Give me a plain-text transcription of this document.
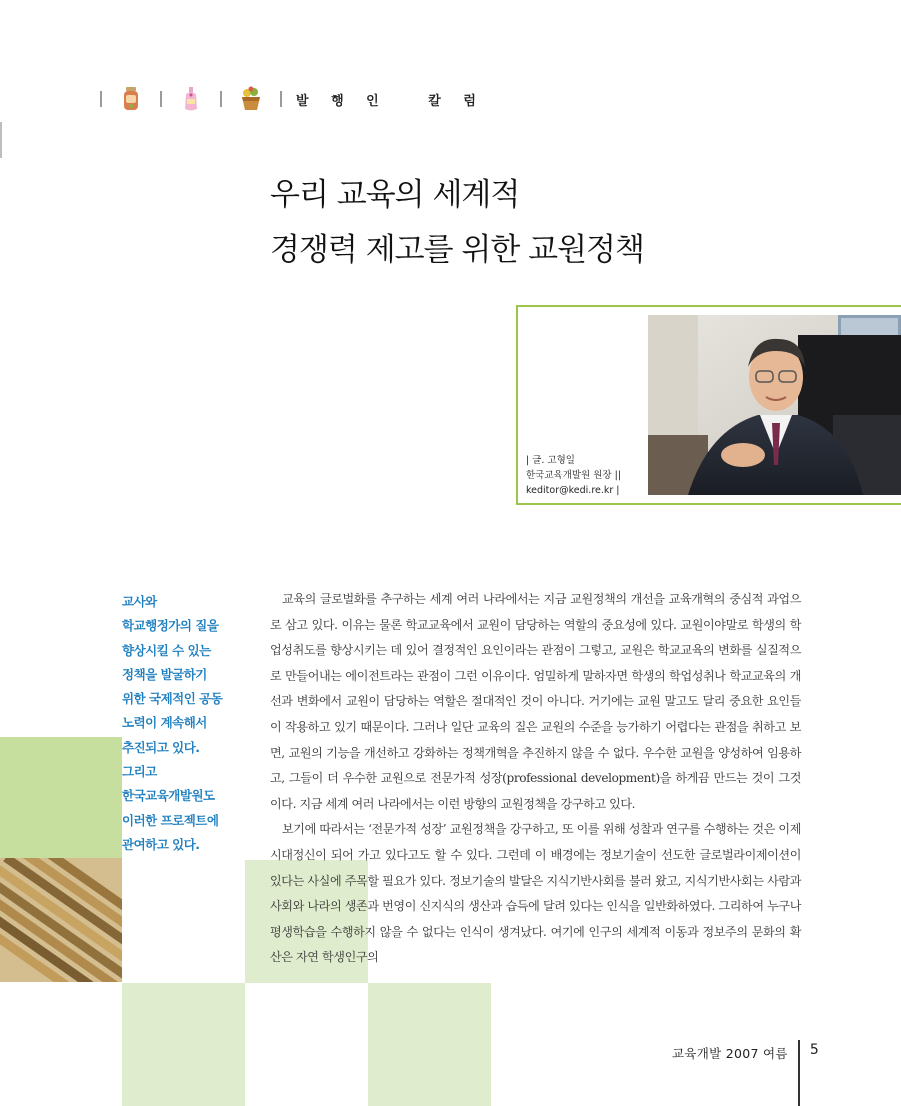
발 행 인   칼 럼
우리 교육의 세계적
경쟁력 제고를 위한 교원정책
| 글. 고형일
한국교육개발원 원장 ||
keditor@kedi.re.kr |
교사와
학교행정가의 질을
향상시킬 수 있는
정책을 발굴하기
위한 국제적인 공동
노력이 계속해서
추진되고 있다.
그리고
한국교육개발원도
이러한 프로젝트에
관여하고 있다.

교육의 글로벌화를 추구하는 세계 여러 나라에서는 지금 교원정책의 개선을 교육개혁의 중심적 과업으로 삼고 있다. 이유는 물론 학교교육에서 교원이 담당하는 역할의 중요성에 있다. 교원이야말로 학생의 학업성취도를 향상시키는 데 있어 결정적인 요인이라는 관점이 그렇고, 교원은 학교교육의 변화를 실질적으로 만들어내는 에이전트라는 관점이 그런 이유이다. 엄밀하게 말하자면 학생의 학업성취나 학교교육의 개선과 변화에서 교원이 담당하는 역할은 절대적인 것이 아니다. 거기에는 교원 말고도 달리 중요한 요인들이 작용하고 있기 때문이다. 그러나 일단 교육의 질은 교원의 수준을 능가하기 어렵다는 관점을 취하고 보면, 교원의 기능을 개선하고 강화하는 정책개혁을 추진하지 않을 수 없다. 우수한 교원을 양성하여 임용하고, 그들이 더 우수한 교원으로 전문가적 성장(professional development)을 하게끔 만드는 것이 그것이다. 지금 세계 여러 나라에서는 이런 방향의 교원정책을 강구하고 있다.

보기에 따라서는 ‘전문가적 성장’ 교원정책을 강구하고, 또 이를 위해 성찰과 연구를 수행하는 것은 이제 시대정신이 되어 가고 있다고도 할 수 있다. 그런데 이 배경에는 정보기술이 선도한 글로벌라이제이션이 있다는 사실에 주목할 필요가 있다. 정보기술의 발달은 지식기반사회를 불러 왔고, 지식기반사회는 사람과 사회와 나라의 생존과 번영이 신지식의 생산과 습득에 달려 있다는 인식을 일반화하였다. 그리하여 누구나 평생학습을 수행하지 않을 수 없다는 인식이 생겨났다. 여기에 인구의 세계적 이동과 정보주의 문화의 확산은 자연 학생인구의

교육개발 2007 여름 5
